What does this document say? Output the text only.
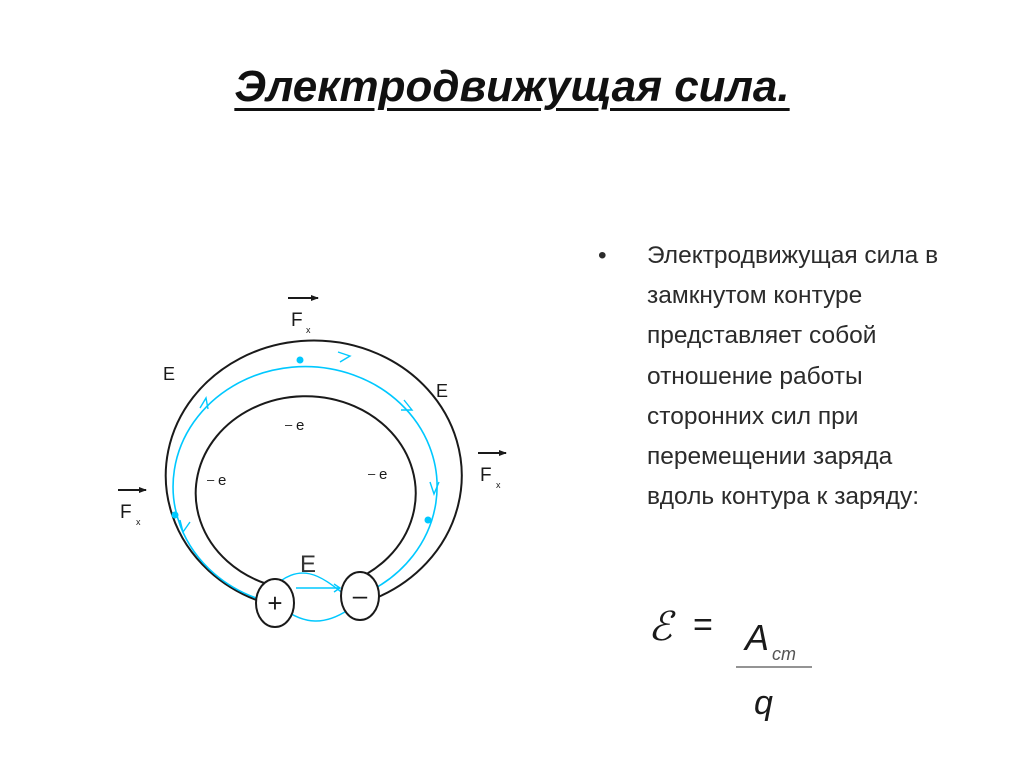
Электродвижущая сила.
• Электродвижущая сила в
замкнутом контуре
представляет собой
отношение работы
сторонних сил при
перемещении заряда
вдоль контура к заряду:
+	–
E
E
E
F x
F x
F x
– e
– e	– e
ℰ = A ст
q
